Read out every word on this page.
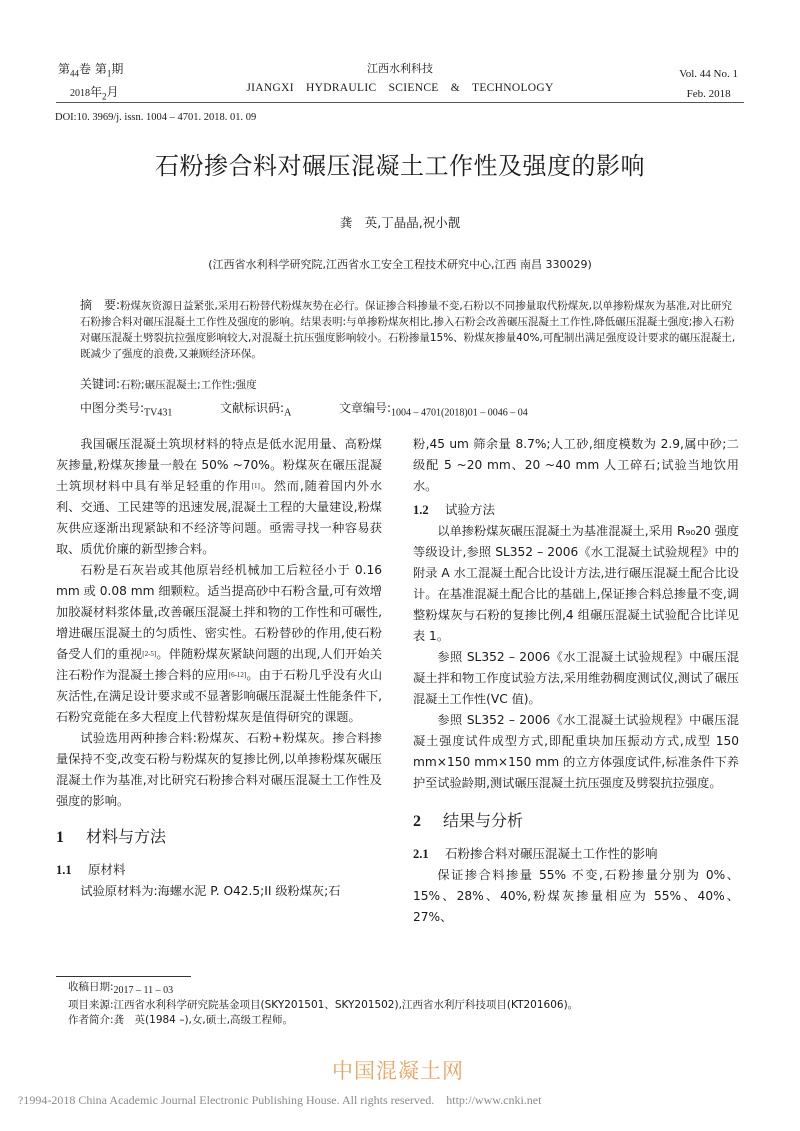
第$_{44}$卷 第$_1$期
2018年$_2$月
江西水利科技
JIANGXI HYDRAULIC SCIENCE & TECHNOLOGY
Vol. 44 No. 1
Feb. 2018
DOI:10. 3969/j. issn. 1004 – 4701. 2018. 01. 09
石粉掺合料对碾压混凝土工作性及强度的影响
龚　英,丁晶晶,祝小靓
(江西省水利科学研究院,江西省水工安全工程技术研究中心,江西 南昌 330029)
摘　要:粉煤灰资源日益紧张,采用石粉替代粉煤灰势在必行。保证掺合料掺量不变,石粉以不同掺量取代粉煤灰,以单掺粉煤灰为基准,对比研究石粉掺合料对碾压混凝土工作性及强度的影响。结果表明:与单掺粉煤灰相比,掺入石粉会改善碾压混凝土工作性,降低碾压混凝土强度;掺入石粉对碾压混凝土劈裂抗拉强度影响较大,对混凝土抗压强度影响较小。石粉掺量15%、粉煤灰掺量40%,可配制出满足强度设计要求的碾压混凝土,既减少了强度的浪费,又兼顾经济环保。
关键词:石粉;碾压混凝土;工作性;强度
中图分类号$:_{TV431}$	文献标识码$:_A$	文章编号$:_{1004 - 4701(2018)01 - 0046 - 04}$

我国碾压混凝土筑坝材料的特点是低水泥用量、高粉煤灰掺量,粉煤灰掺量一般在 50% ~70%。粉煤灰在碾压混凝土筑坝材料中具有举足轻重的作用[1]。然而,随着国内外水利、交通、工民建等的迅速发展,混凝土工程的大量建设,粉煤灰供应逐渐出现紧缺和不经济等问题。亟需寻找一种容易获取、质优价廉的新型掺合料。

石粉是石灰岩或其他原岩经机械加工后粒径小于 0.16 mm 或 0.08 mm 细颗粒。适当提高砂中石粉含量,可有效增加胶凝材料浆体量,改善碾压混凝土拌和物的工作性和可碾性,增进碾压混凝土的匀质性、密实性。石粉替砂的作用,使石粉备受人们的重视[2-5]。伴随粉煤灰紧缺问题的出现,人们开始关注石粉作为混凝土掺合料的应用[6-12]。由于石粉几乎没有火山灰活性,在满足设计要求或不显著影响碾压混凝土性能条件下,石粉究竟能在多大程度上代替粉煤灰是值得研究的课题。

试验选用两种掺合料:粉煤灰、石粉+粉煤灰。掺合料掺量保持不变,改变石粉与粉煤灰的复掺比例,以单掺粉煤灰碾压混凝土作为基准,对比研究石粉掺合料对碾压混凝土工作性及强度的影响。

1 材料与方法
1.1 原材料

试验原材料为:海螺水泥 P. O42.5;II 级粉煤灰;石

粉,45 um 筛余量 8.7%;人工砂,细度模数为 2.9,属中砂;二级配 5 ~20 mm、20 ~40 mm 人工碎石;试验当地饮用水。

1.2 试验方法

以单掺粉煤灰碾压混凝土为基准混凝土,采用 R₉₀20 强度等级设计,参照 SL352 – 2006《水工混凝土试验规程》中的附录 A 水工混凝土配合比设计方法,进行碾压混凝土配合比设计。在基准混凝土配合比的基础上,保证掺合料总掺量不变,调整粉煤灰与石粉的复掺比例,4 组碾压混凝土试验配合比详见表 1。

参照 SL352 – 2006《水工混凝土试验规程》中碾压混凝土拌和物工作度试验方法,采用维勃稠度测试仪,测试了碾压混凝土工作性(VC 值)。

参照 SL352 – 2006《水工混凝土试验规程》中碾压混凝土强度试件成型方式,即配重块加压振动方式,成型 150 mm×150 mm×150 mm 的立方体强度试件,标准条件下养护至试验龄期,测试碾压混凝土抗压强度及劈裂抗拉强度。

2 结果与分析
2.1 石粉掺合料对碾压混凝土工作性的影响

保证掺合料掺量 55% 不变,石粉掺量分别为 0%、15%、28%、40%,粉煤灰掺量相应为 55%、40%、27%、

收稿日期$:_{2017 - 11 - 03}$
项目来源:江西省水利科学研究院基金项目(SKY201501、SKY201502),江西省水利厅科技项目(KT201606)。
作者简介:龚　英(1984 –),女,硕士,高级工程师。
中国混凝土网
?1994-2018 China Academic Journal Electronic Publishing House. All rights reserved.    http://www.cnki.net
